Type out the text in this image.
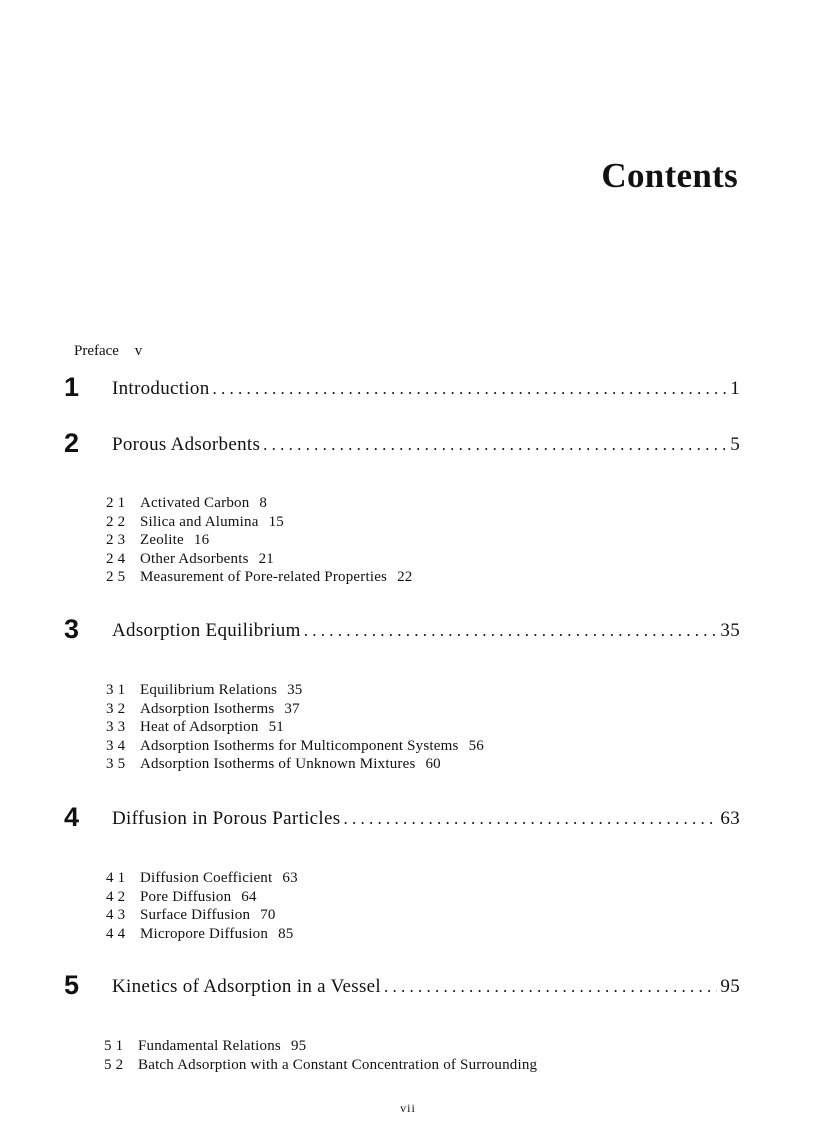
Contents
Preface v
1	Introduction . . .	1
2	Porous Adsorbents . . .	5
2 1 Activated Carbon 8
2 2 Silica and Alumina 15
2 3 Zeolite 16
2 4 Other Adsorbents 21
2 5 Measurement of Pore-related Properties 22
3	Adsorption Equilibrium . . .	35
3 1 Equilibrium Relations 35
3 2 Adsorption Isotherms 37
3 3 Heat of Adsorption 51
3 4 Adsorption Isotherms for Multicomponent Systems 56
3 5 Adsorption Isotherms of Unknown Mixtures 60
4	Diffusion in Porous Particles . . .	63
4 1 Diffusion Coefficient 63
4 2 Pore Diffusion 64
4 3 Surface Diffusion 70
4 4 Micropore Diffusion 85
5	Kinetics of Adsorption in a Vessel . . .	95
5 1 Fundamental Relations 95
5 2 Batch Adsorption with a Constant Concentration of Surrounding
vii
